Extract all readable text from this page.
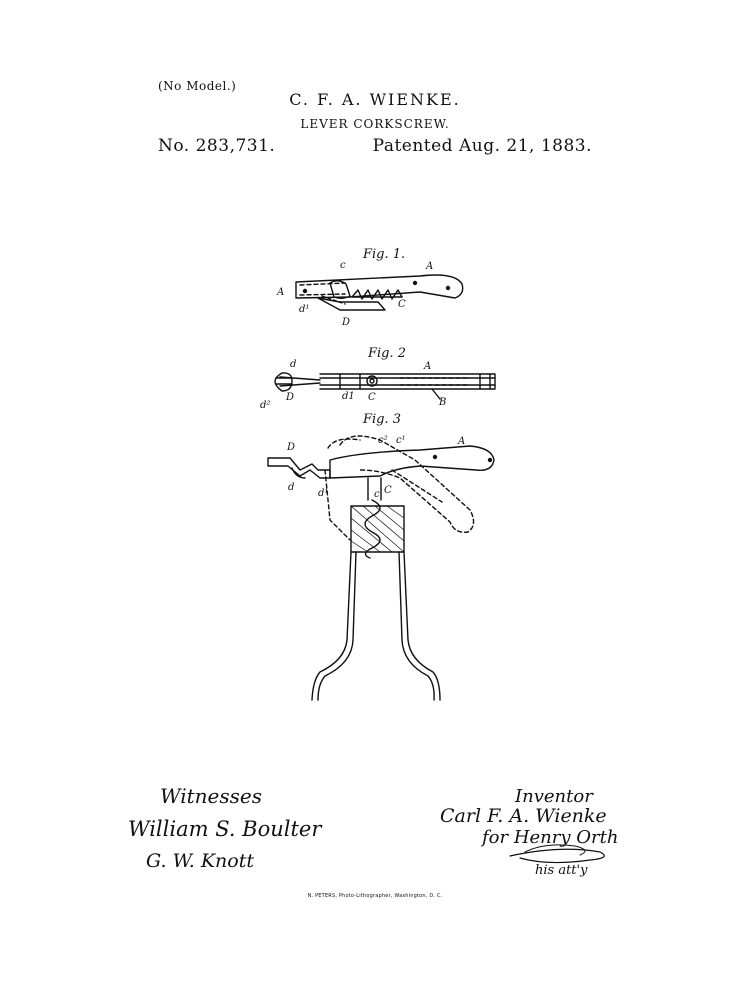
(No Model.)
C. F. A. WIENKE.
LEVER CORKSCREW.
No. 283,731.	Patented Aug. 21, 1883.
Fig. 1.
A
A
c
C
d¹
D
Fig. 2
d
d²
D	d1 C
A
B
Fig. 3
D
d
d¹	c
c² c¹	A
C
Witnesses
William S. Boulter
G. W. Knott
Inventor
Carl F. A. Wienke
for Henry Orth
his att'y
N. PETERS, Photo-Lithographer, Washington, D. C.
